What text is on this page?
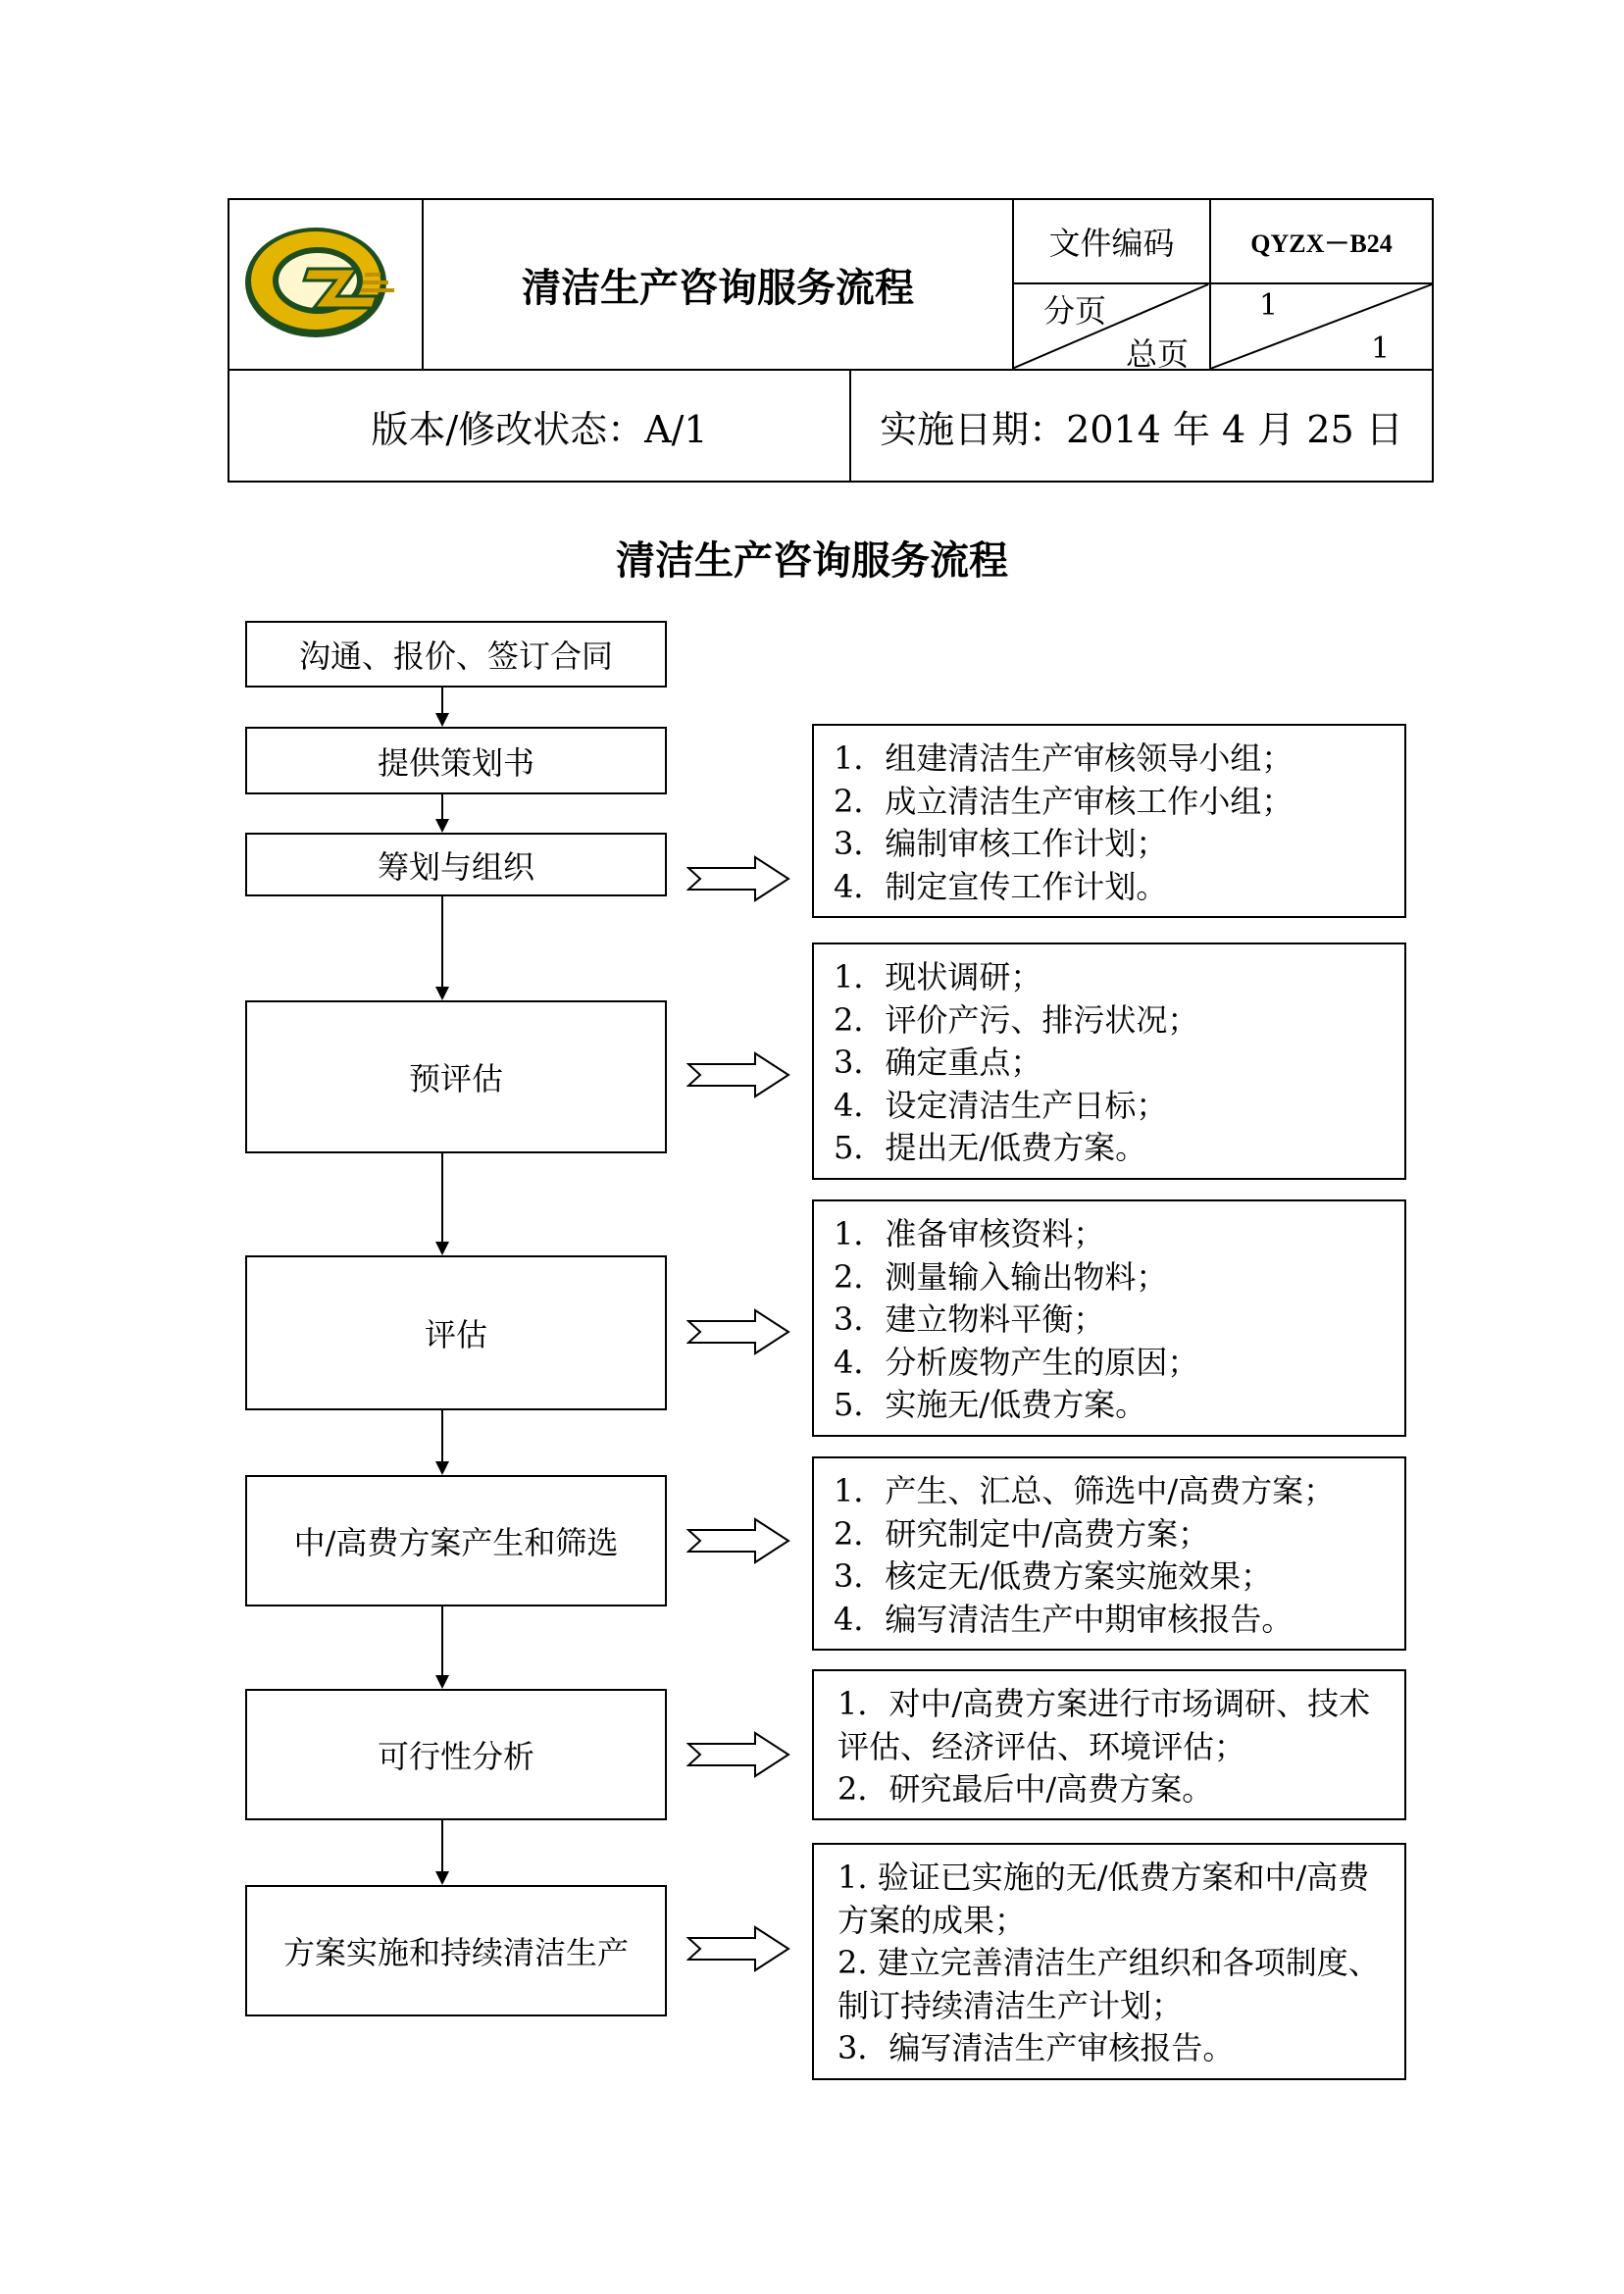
清洁生产咨询服务流程
文件编码	QYZX－B24
分页
总页
1
1
版本/修改状态：A/1	实施日期：2014 年 4 月 25 日
清洁生产咨询服务流程
沟通、报价、签订合同
提供策划书
筹划与组织
预评估
评估
中/高费方案产生和筛选
可行性分析
方案实施和持续清洁生产
1．组建清洁生产审核领导小组；
2．成立清洁生产审核工作小组；
3．编制审核工作计划；
4．制定宣传工作计划。
1．现状调研；
2．评价产污、排污状况；
3．确定重点；
4．设定清洁生产日标；
5．提出无/低费方案。
1．准备审核资料；
2．测量输入输出物料；
3．建立物料平衡；
4．分析废物产生的原因；
5．实施无/低费方案。
1．产生、汇总、筛选中/高费方案；
2．研究制定中/高费方案；
3．核定无/低费方案实施效果；
4．编写清洁生产中期审核报告。
1．对中/高费方案进行市场调研、技术评估、经济评估、环境评估；
2．研究最后中/高费方案。
1. 验证已实施的无/低费方案和中/高费方案的成果；
2. 建立完善清洁生产组织和各项制度、制订持续清洁生产计划；
3．编写清洁生产审核报告。
